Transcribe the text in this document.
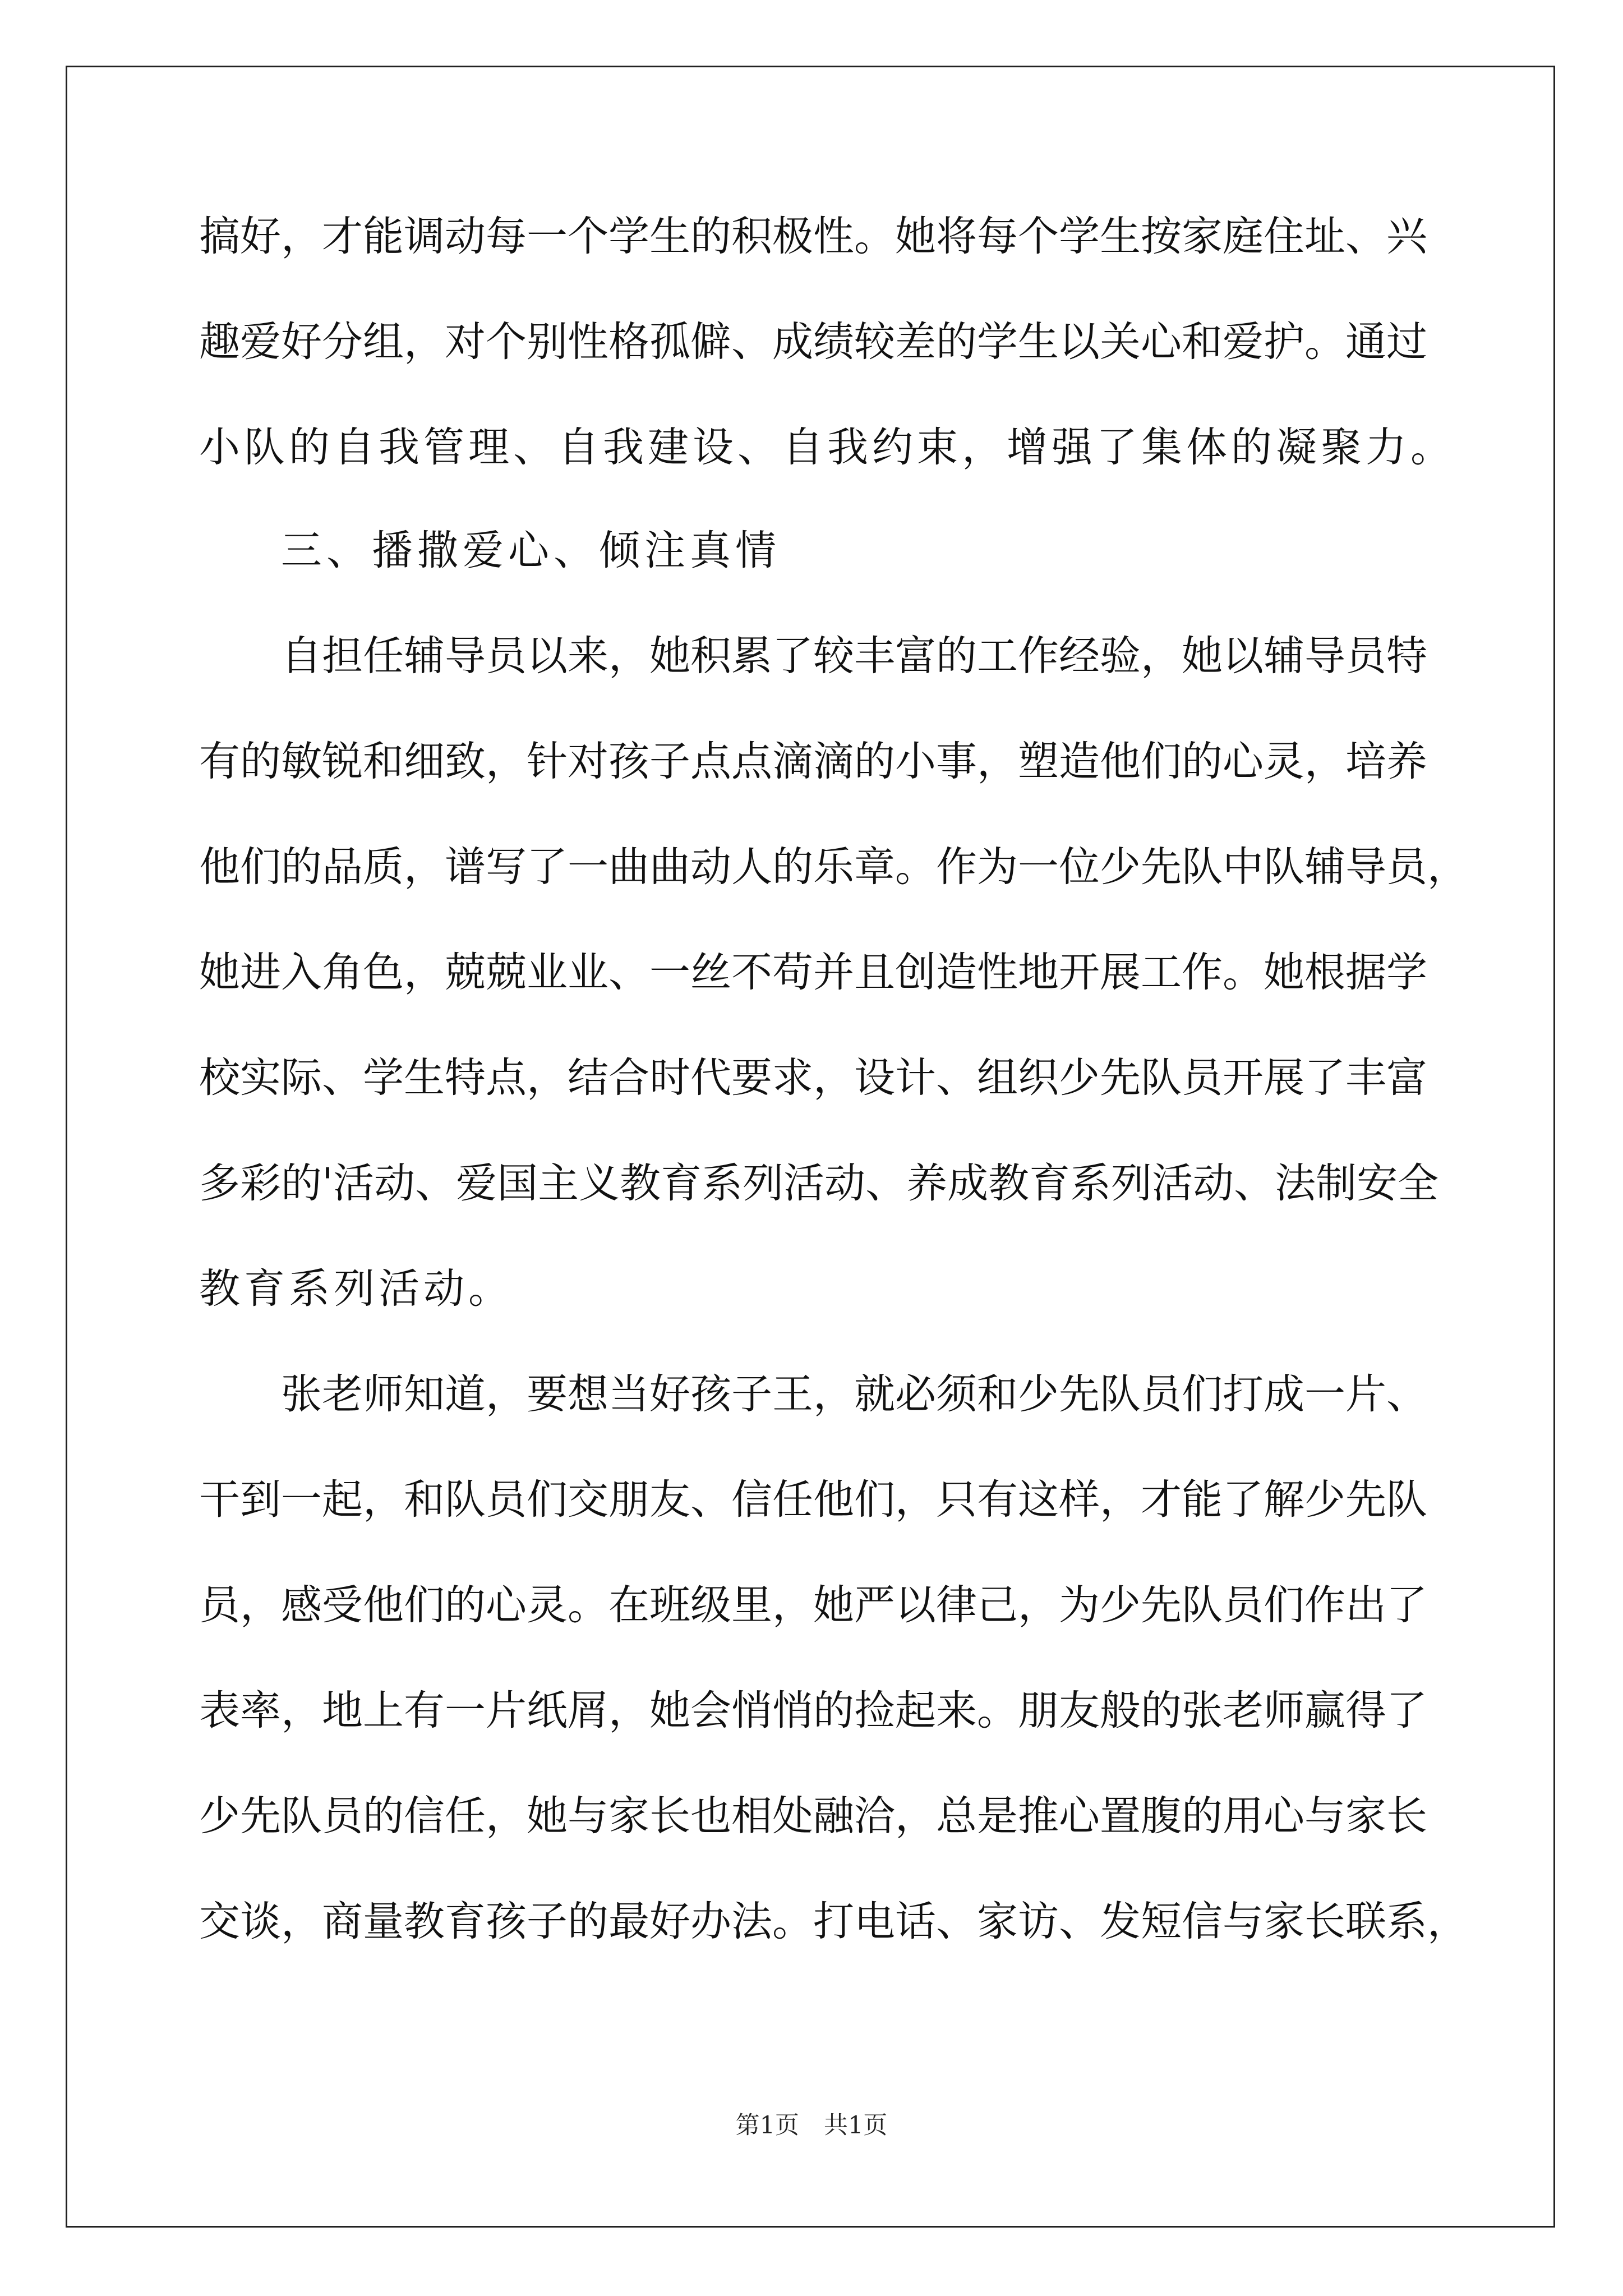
搞好，才能调动每一个学生的积极性。她将每个学生按家庭住址、兴
趣爱好分组，对个别性格孤僻、成绩较差的学生以关心和爱护。通过
小队的自我管理、自我建设、自我约束，增强了集体的凝聚力。
三、播撒爱心、倾注真情
自担任辅导员以来，她积累了较丰富的工作经验，她以辅导员特
有的敏锐和细致，针对孩子点点滴滴的小事，塑造他们的心灵，培养
他们的品质，谱写了一曲曲动人的乐章。作为一位少先队中队辅导员，
她进入角色，兢兢业业、一丝不苟并且创造性地开展工作。她根据学
校实际、学生特点，结合时代要求，设计、组织少先队员开展了丰富
多彩的'活动、爱国主义教育系列活动、养成教育系列活动、法制安全
教育系列活动。
张老师知道，要想当好孩子王，就必须和少先队员们打成一片、
干到一起，和队员们交朋友、信任他们，只有这样，才能了解少先队
员，感受他们的心灵。在班级里，她严以律己，为少先队员们作出了
表率，地上有一片纸屑，她会悄悄的捡起来。朋友般的张老师赢得了
少先队员的信任，她与家长也相处融洽，总是推心置腹的用心与家长
交谈，商量教育孩子的最好办法。打电话、家访、发短信与家长联系，
第1页 共1页
